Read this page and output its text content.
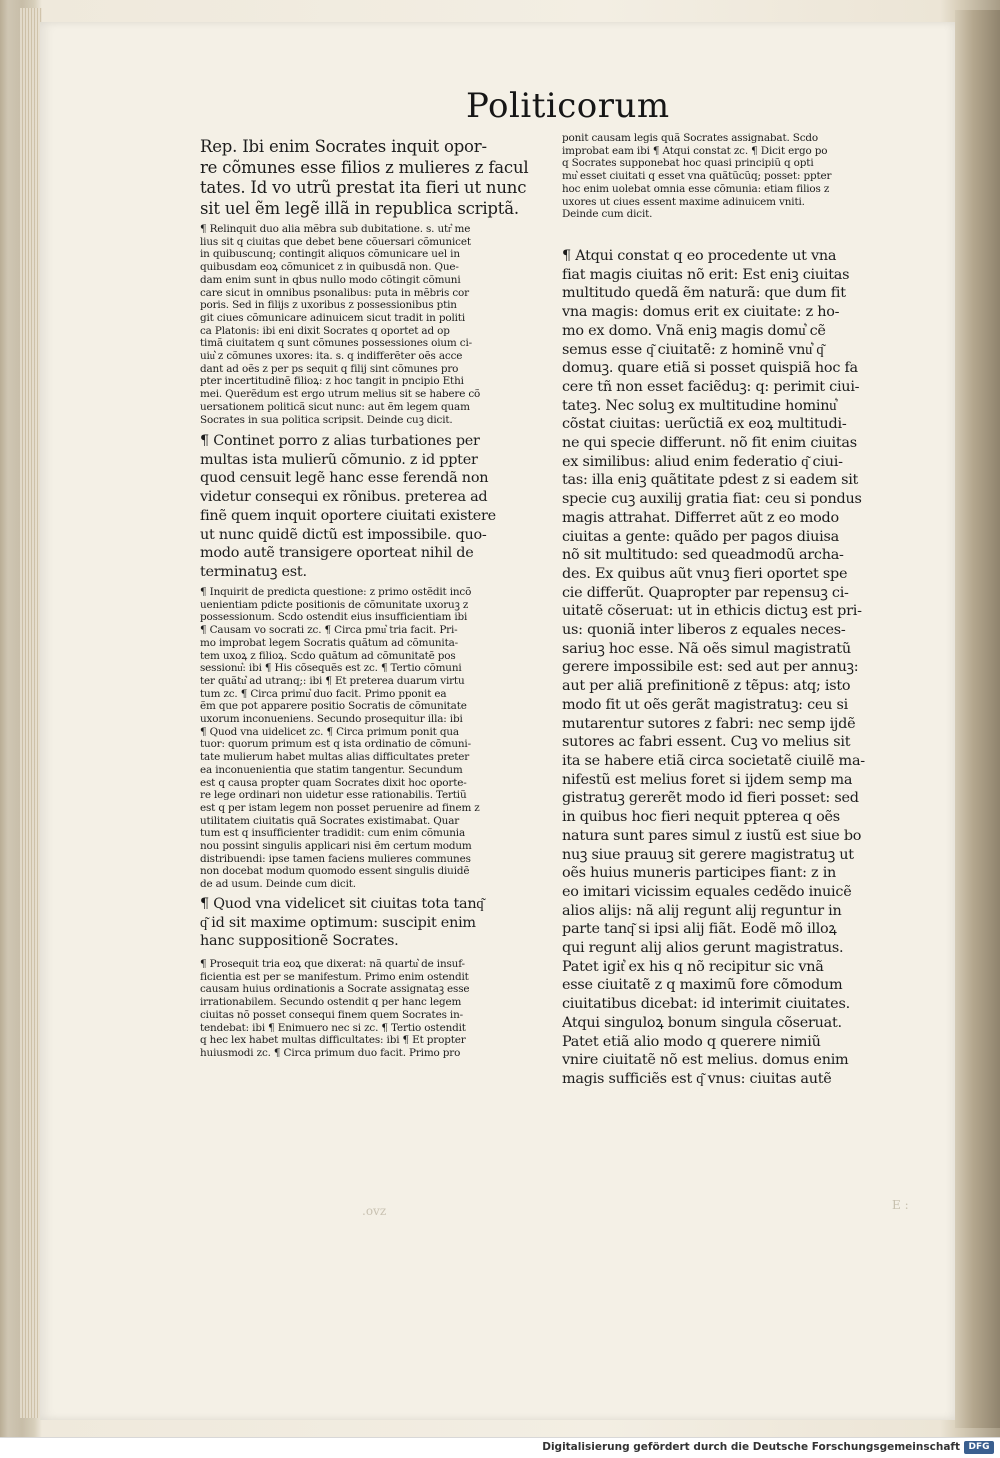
Politicorum
Rep. Ibi enim Socrates inquit opor-
re cõmunes esse filios z mulieres z facul
tates. Id vo utrũ prestat ita fieri ut nunc
sit uel ẽm legẽ illã in republica scriptã.
¶ Relinquit duo alia mẽbra sub dubitatione. s. utr͛ me
lius sit q ciuitas que debet bene cõuersari cõmunicet
in quibuscunq; contingit aliquos cõmunicare uel in
quibusdam eoꝝ cõmunicet z in quibusdã non. Que-
dam enim sunt in qbus nullo modo cõtingit cõmuni
care sicut in omnibus psonalibus: puta in mẽbris cor
poris. Sed in filijs z uxoribus z possessionibus ptin
git ciues cõmunicare adinuicem sicut tradit in politi
ca Platonis: ibi eni dixit Socrates q oportet ad op
timã ciuitatem q sunt cõmunes possessiones oium ci-
uiu͛ z cõmunes uxores: ita. s. q indifferẽter oẽs acce
dant ad oẽs z per ps sequit q filij sint cõmunes pro
pter incertitudinẽ filioꝝ: z hoc tangit in pncipio Ethi
mei. Querẽdum est ergo utrum melius sit se habere cõ
uersationem politicã sicut nunc: aut ẽm legem quam
Socrates in sua politica scripsit. Deinde cuꝫ dicit.
¶ Continet porro z alias turbationes per
multas ista mulierũ cõmunio. z id ppter
quod censuit legẽ hanc esse ferendã non
videtur consequi ex rõnibus. preterea ad
finẽ quem inquit oportere ciuitati existere
ut nunc quidẽ dictũ est impossibile. quo-
modo autẽ transigere oporteat nihil de
terminatuꝫ est.
¶ Inquirit de predicta questione: z primo ostẽdit incõ
uenientiam pdicte positionis de cõmunitate uxoruꝫ z
possessionum. Scdo ostendit eius insufficientiam ibi
¶ Causam vo socrati zc. ¶ Circa pmu͛ tria facit. Pri-
mo improbat legem Socratis quãtum ad cõmunita-
tem uxoꝝ z filioꝝ. Scdo quãtum ad cõmunitatẽ pos
sessionu͛: ibi ¶ His cõsequẽs est zc. ¶ Tertio cõmuni
ter quãtu͛ ad utranq;: ibi ¶ Et preterea duarum virtu
tum zc. ¶ Circa primu͛ duo facit. Primo pponit ea
ẽm que pot apparere positio Socratis de cõmunitate
uxorum inconueniens. Secundo prosequitur illa: ibi
¶ Quod vna uidelicet zc. ¶ Circa primum ponit qua
tuor: quorum primum est q ista ordinatio de cõmuni-
tate mulierum habet multas alias difficultates preter
ea inconuenientia que statim tangentur. Secundum
est q causa propter quam Socrates dixit hoc oporte-
re lege ordinari non uidetur esse rationabilis. Tertiũ
est q per istam legem non posset peruenire ad finem z
utilitatem ciuitatis quã Socrates existimabat. Quar
tum est q insufficienter tradidit: cum enim cõmunia
nou possint singulis applicari nisi ẽm certum modum
distribuendi: ipse tamen faciens mulieres communes
non docebat modum quomodo essent singulis diuidẽ
de ad usum. Deinde cum dicit.
¶ Quod vna videlicet sit ciuitas tota tanq͂
q͂ id sit maxime optimum: suscipit enim
hanc suppositionẽ Socrates.
¶ Prosequit tria eoꝝ que dixerat: nã quartu͛ de insuf-
ficientia est per se manifestum. Primo enim ostendit
causam huius ordinationis a Socrate assignataꝫ esse
irrationabilem. Secundo ostendit q per hanc legem
ciuitas nõ posset consequi finem quem Socrates in-
tendebat: ibi ¶ Enimuero nec si zc. ¶ Tertio ostendit
q hec lex habet multas difficultates: ibi ¶ Et propter
huiusmodi zc. ¶ Circa primum duo facit. Primo pro
ponit causam legis quã Socrates assignabat. Scdo
improbat eam ibi ¶ Atqui constat zc. ¶ Dicit ergo po
q Socrates supponebat hoc quasi principiũ q opti
mu͛ esset ciuitati q esset vna quãtũcũq; posset: ppter
hoc enim uolebat omnia esse cõmunia: etiam filios z
uxores ut ciues essent maxime adinuicem vniti.
Deinde cum dicit.
¶ Atqui constat q eo procedente ut vna
fiat magis ciuitas nõ erit: Est eniꝫ ciuitas
multitudo quedã ẽm naturã: que dum fit
vna magis: domus erit ex ciuitate: z ho-
mo ex domo. Vnã eniꝫ magis domu͛ cẽ
semus esse q͂ ciuitatẽ: z hominẽ vnu͛ q͂
domuꝫ. quare etiã si posset quispiã hoc fa
cere tñ non esset faciẽduꝫ: q: perimit ciui-
tateꝫ. Nec soluꝫ ex multitudine hominu͛
cõstat ciuitas: uerũctiã ex eoꝝ multitudi-
ne qui specie differunt. nõ fit enim ciuitas
ex similibus: aliud enim federatio q͂ ciui-
tas: illa eniꝫ quãtitate pdest z si eadem sit
specie cuꝫ auxilij gratia fiat: ceu si pondus
magis attrahat. Differret aũt z eo modo
ciuitas a gente: quãdo per pagos diuisa
nõ sit multitudo: sed queadmodũ archa-
des. Ex quibus aũt vnuꝫ fieri oportet spe
cie differũt. Quapropter par repensuꝫ ci-
uitatẽ cõseruat: ut in ethicis dictuꝫ est pri-
us: quoniã inter liberos z equales neces-
sariuꝫ hoc esse. Nã oẽs simul magistratũ
gerere impossibile est: sed aut per annuꝫ:
aut per aliã prefinitionẽ z tẽpus: atq; isto
modo fit ut oẽs gerãt magistratuꝫ: ceu si
mutarentur sutores z fabri: nec semp ijdẽ
sutores ac fabri essent. Cuꝫ vo melius sit
ita se habere etiã circa societatẽ ciuilẽ ma-
nifestũ est melius foret si ijdem semp ma
gistratuꝫ gererẽt modo id fieri posset: sed
in quibus hoc fieri nequit ppterea q oẽs
natura sunt pares simul z iustũ est siue bo
nuꝫ siue prauuꝫ sit gerere magistratuꝫ ut
oẽs huius muneris participes fiant: z in
eo imitari vicissim equales cedẽdo inuicẽ
alios alijs: nã alij regunt alij reguntur in
parte tanq͂ si ipsi alij fiãt. Eodẽ mõ illoꝝ
qui regunt alij alios gerunt magistratus.
Patet igit͛ ex his q nõ recipitur sic vnã
esse ciuitatẽ z q maximũ fore cõmodum
ciuitatibus dicebat: id interimit ciuitates.
Atqui singuloꝝ bonum singula cõseruat.
Patet etiã alio modo q querere nimiũ
vnire ciuitatẽ nõ est melius. domus enim
magis sufficiẽs est q͂ vnus: ciuitas autẽ
.ovz	E :
Digitalisierung gefördert durch die Deutsche Forschungsgemeinschaft DFG
